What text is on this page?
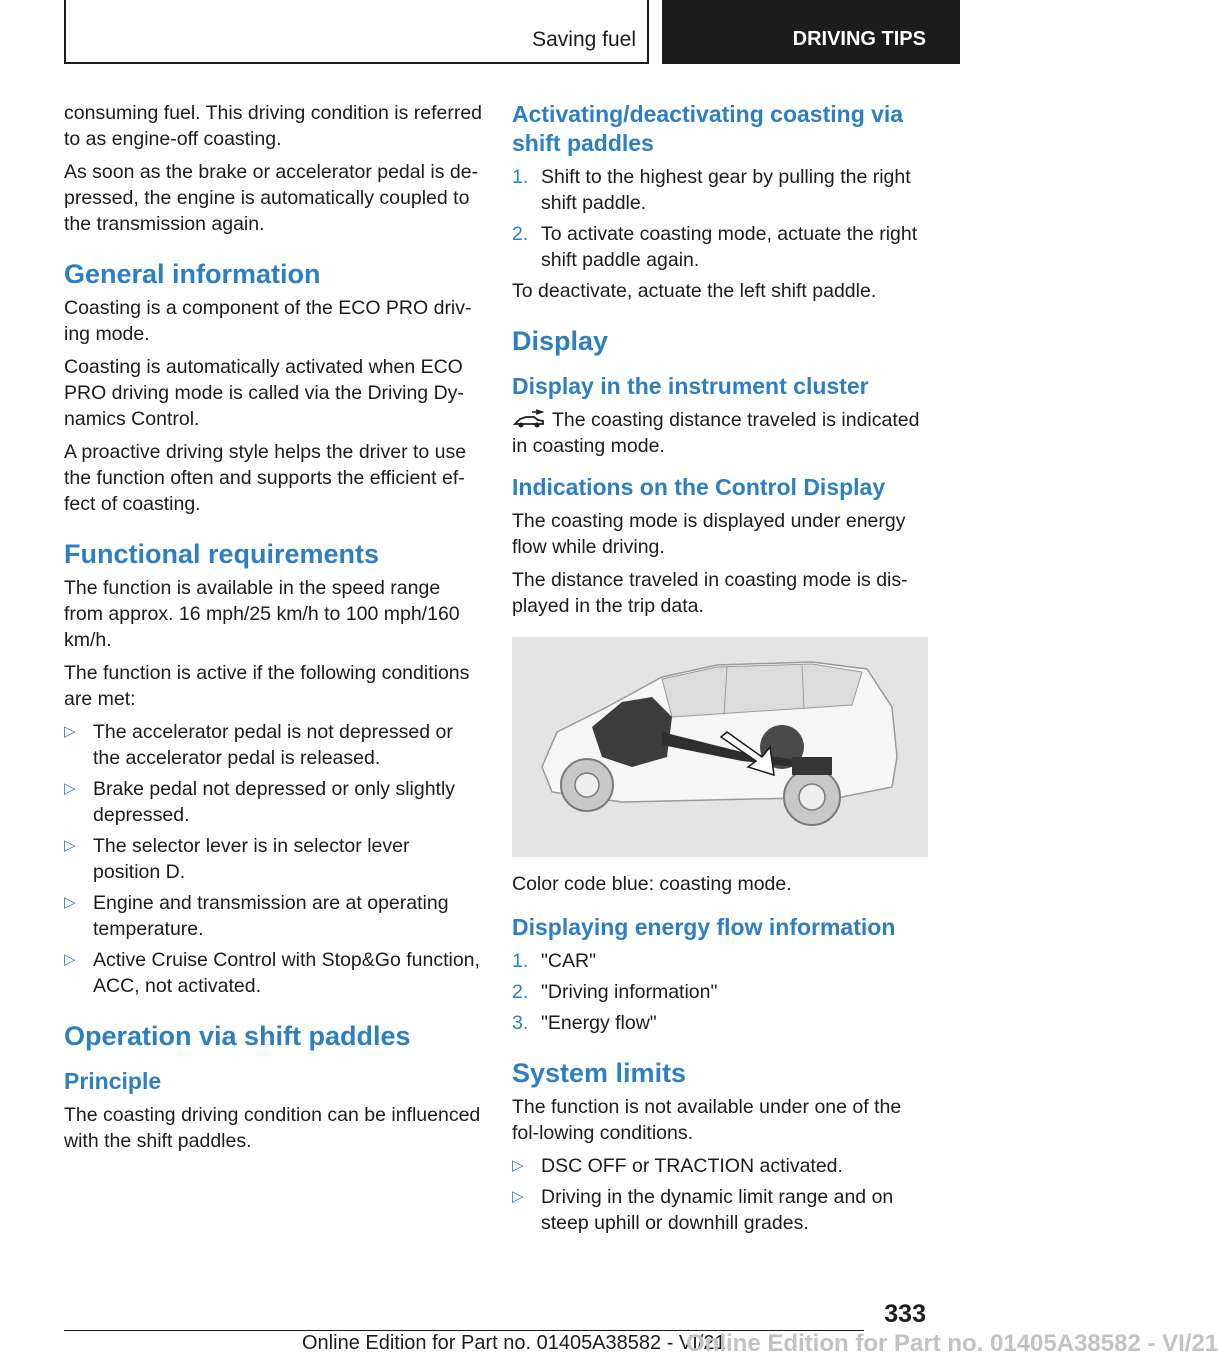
Saving fuel	DRIVING TIPS

consuming fuel. This driving condition is referred to as engine-off coasting.

As soon as the brake or accelerator pedal is de‐pressed, the engine is automatically coupled to the transmission again.

General information

Coasting is a component of the ECO PRO driv‐ing mode.

Coasting is automatically activated when ECO PRO driving mode is called via the Driving Dy‐namics Control.

A proactive driving style helps the driver to use the function often and supports the efficient ef‐fect of coasting.

Functional requirements

The function is available in the speed range from approx. 16 mph/25 km/h to 100 mph/160 km/h.

The function is active if the following conditions are met:

▷ The accelerator pedal is not depressed or the accelerator pedal is released.
▷ Brake pedal not depressed or only slightly depressed.
▷ The selector lever is in selector lever position D.
▷ Engine and transmission are at operating temperature.
▷ Active Cruise Control with Stop&Go function, ACC, not activated.
Operation via shift paddles
Principle

The coasting driving condition can be influenced with the shift paddles.

Activating/deactivating coasting via shift paddles
1. Shift to the highest gear by pulling the right shift paddle.
2. To activate coasting mode, actuate the right shift paddle again.

To deactivate, actuate the left shift paddle.

Display
Display in the instrument cluster

The coasting distance traveled is indicated in coasting mode.

Indications on the Control Display

The coasting mode is displayed under energy flow while driving.

The distance traveled in coasting mode is dis‐played in the trip data.

Color code blue: coasting mode.

Displaying energy flow information
1. "CAR"
2. "Driving information"
3. "Energy flow"
System limits

The function is not available under one of the fol‐lowing conditions.

▷ DSC OFF or TRACTION activated.
▷ Driving in the dynamic limit range and on steep uphill or downhill grades.
333
Online Edition for Part no. 01405A38582 - VI/21
Online Edition for Part no. 01405A38582 - VI/21
